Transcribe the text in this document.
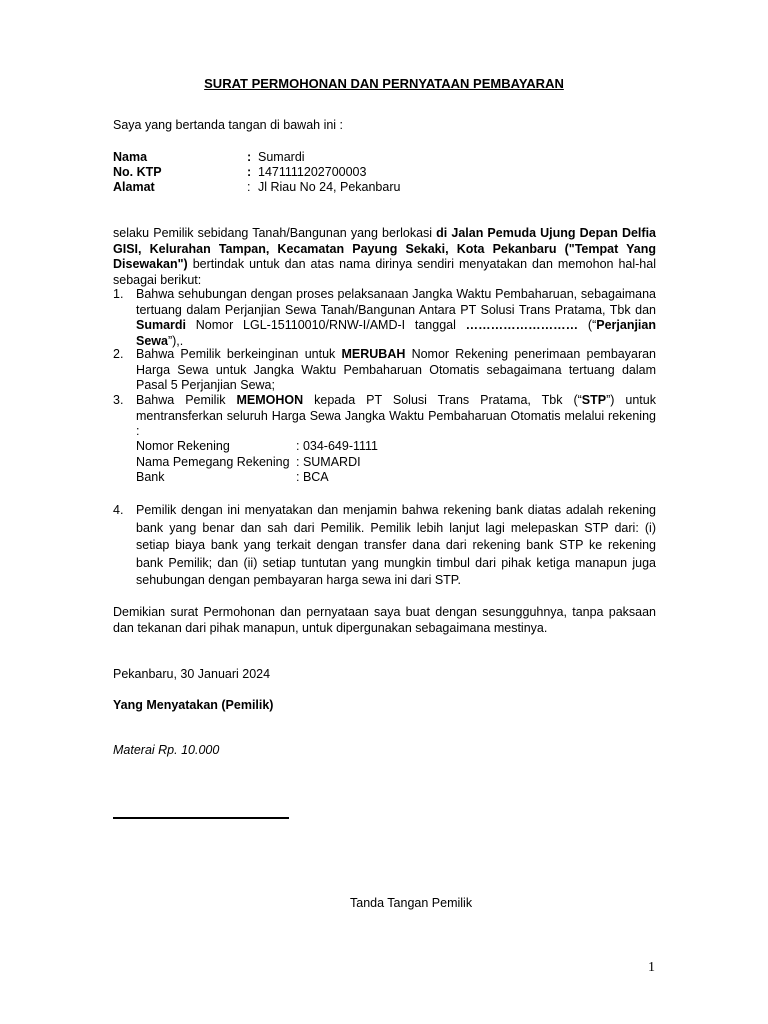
SURAT PERMOHONAN DAN PERNYATAAN PEMBAYARAN
Saya yang bertanda tangan di bawah ini :
Nama	: Sumardi
No. KTP	: 1471111202700003
Alamat	: Jl Riau No 24, Pekanbaru
selaku Pemilik sebidang Tanah/Bangunan yang berlokasi di Jalan Pemuda Ujung Depan Delfia GISI, Kelurahan Tampan, Kecamatan Payung Sekaki, Kota Pekanbaru ("Tempat Yang Disewakan") bertindak untuk dan atas nama dirinya sendiri menyatakan dan memohon hal-hal sebagai berikut:
1. Bahwa sehubungan dengan proses pelaksanaan Jangka Waktu Pembaharuan, sebagaimana tertuang dalam Perjanjian Sewa Tanah/Bangunan Antara PT Solusi Trans Pratama, Tbk dan Sumardi Nomor LGL-15110010/RNW-I/AMD-I tanggal ……………………… (“Perjanjian Sewa”),.
2. Bahwa Pemilik berkeinginan untuk MERUBAH Nomor Rekening penerimaan pembayaran Harga Sewa untuk Jangka Waktu Pembaharuan Otomatis sebagaimana tertuang dalam Pasal 5 Perjanjian Sewa;
3. Bahwa Pemilik MEMOHON kepada PT Solusi Trans Pratama, Tbk (“STP”) untuk mentransferkan seluruh Harga Sewa Jangka Waktu Pembaharuan Otomatis melalui rekening :
Nomor Rekening	: 034-649-1111
Nama Pemegang Rekening : SUMARDI
Bank	: BCA
4. Pemilik dengan ini menyatakan dan menjamin bahwa rekening bank diatas adalah rekening bank yang benar dan sah dari Pemilik. Pemilik lebih lanjut lagi melepaskan STP dari: (i) setiap biaya bank yang terkait dengan transfer dana dari rekening bank STP ke rekening bank Pemilik; dan (ii) setiap tuntutan yang mungkin timbul dari pihak ketiga manapun juga sehubungan dengan pembayaran harga sewa ini dari STP.
Demikian surat Permohonan dan pernyataan saya buat dengan sesungguhnya, tanpa paksaan dan tekanan dari pihak manapun, untuk dipergunakan sebagaimana mestinya.
Pekanbaru, 30 Januari 2024
Yang Menyatakan (Pemilik)
Materai Rp. 10.000
Tanda Tangan Pemilik
1
